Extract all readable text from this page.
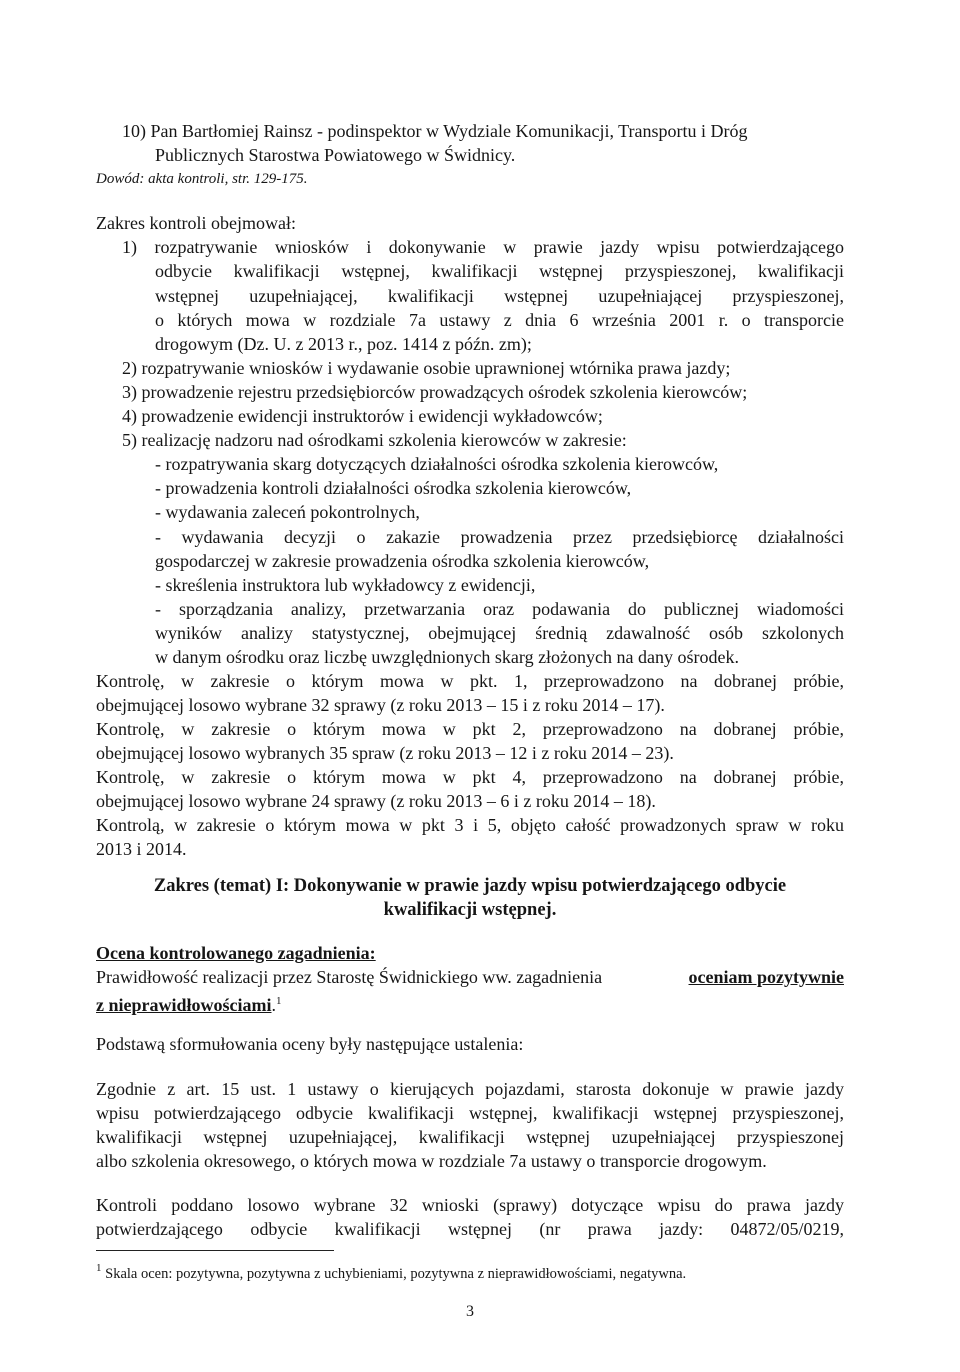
10) Pan Bartłomiej Rainsz - podinspektor w Wydziale Komunikacji, Transportu i Dróg
Publicznych Starostwa Powiatowego w Świdnicy.
Dowód: akta kontroli, str. 129-175.
Zakres kontroli obejmował:
1) rozpatrywanie wniosków i dokonywanie w prawie jazdy wpisu potwierdzającego
odbycie kwalifikacji wstępnej, kwalifikacji wstępnej przyspieszonej, kwalifikacji
wstępnej uzupełniającej, kwalifikacji wstępnej uzupełniającej przyspieszonej,
o których mowa w rozdziale 7a ustawy z dnia 6 września 2001 r. o transporcie
drogowym (Dz. U. z 2013 r., poz. 1414 z późn. zm);
2) rozpatrywanie wniosków i wydawanie osobie uprawnionej wtórnika prawa jazdy;
3) prowadzenie rejestru przedsiębiorców prowadzących ośrodek szkolenia kierowców;
4) prowadzenie ewidencji instruktorów i ewidencji wykładowców;
5) realizację nadzoru nad ośrodkami szkolenia kierowców w zakresie:
- rozpatrywania skarg dotyczących działalności ośrodka szkolenia kierowców,
- prowadzenia kontroli działalności ośrodka szkolenia kierowców,
- wydawania zaleceń pokontrolnych,
- wydawania decyzji o zakazie prowadzenia przez przedsiębiorcę działalności
gospodarczej w zakresie prowadzenia ośrodka szkolenia kierowców,
- skreślenia instruktora lub wykładowcy z ewidencji,
- sporządzania analizy, przetwarzania oraz podawania do publicznej wiadomości
wyników analizy statystycznej, obejmującej średnią zdawalność osób szkolonych
w danym ośrodku oraz liczbę uwzględnionych skarg złożonych na dany ośrodek.
Kontrolę, w zakresie o którym mowa w pkt. 1, przeprowadzono na dobranej próbie,
obejmującej losowo wybrane 32 sprawy (z roku 2013 – 15 i z roku 2014 – 17).
Kontrolę, w zakresie o którym mowa w pkt 2, przeprowadzono na dobranej próbie,
obejmującej losowo wybranych 35 spraw (z roku 2013 – 12 i z roku 2014 – 23).
Kontrolę, w zakresie o którym mowa w pkt 4, przeprowadzono na dobranej próbie,
obejmującej losowo wybrane 24 sprawy (z roku 2013 – 6 i z roku 2014 – 18).
Kontrolą, w zakresie o którym mowa w pkt 3 i 5, objęto całość prowadzonych spraw w roku
2013 i 2014.
Zakres (temat) I: Dokonywanie w prawie jazdy wpisu potwierdzającego odbycie
kwalifikacji wstępnej.
Ocena kontrolowanego zagadnienia:
Prawidłowość realizacji przez Starostę Świdnickiego ww. zagadnienia	oceniam pozytywnie
z nieprawidłowościami.$^1$
Podstawą sformułowania oceny były następujące ustalenia:
Zgodnie z art. 15 ust. 1 ustawy o kierujących pojazdami, starosta dokonuje w prawie jazdy
wpisu potwierdzającego odbycie kwalifikacji wstępnej, kwalifikacji wstępnej przyspieszonej,
kwalifikacji wstępnej uzupełniającej, kwalifikacji wstępnej uzupełniającej przyspieszonej
albo szkolenia okresowego, o których mowa w rozdziale 7a ustawy o transporcie drogowym.
Kontroli poddano losowo wybrane 32 wnioski (sprawy) dotyczące wpisu do prawa jazdy
potwierdzającego odbycie kwalifikacji wstępnej (nr prawa jazdy: 04872/05/0219,
$^1$ Skala ocen: pozytywna, pozytywna z uchybieniami, pozytywna z nieprawidłowościami, negatywna.
3
